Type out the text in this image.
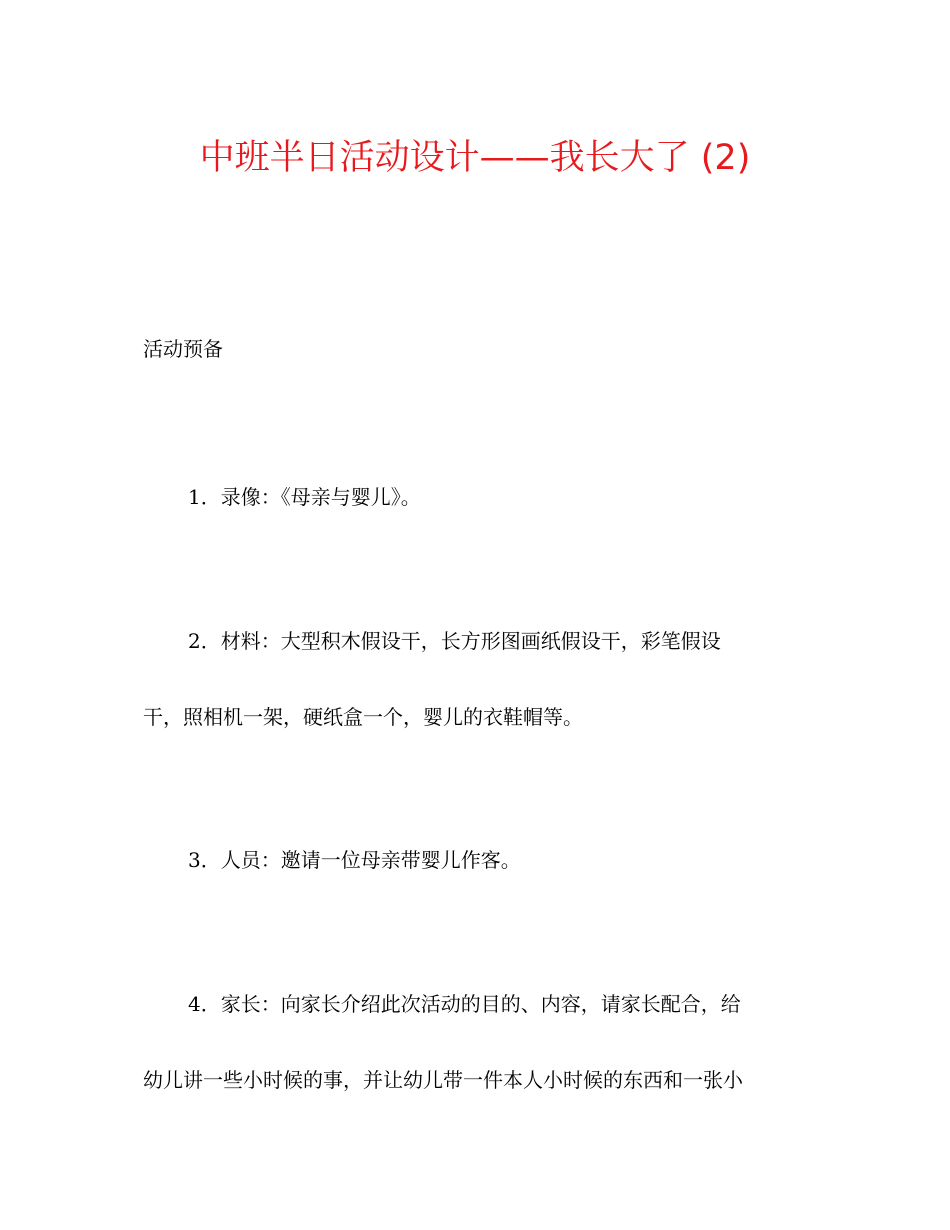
中班半日活动设计——我长大了 (2)
活动预备
1．录像：《母亲与婴儿》。
2．材料：大型积木假设干，长方形图画纸假设干，彩笔假设
干，照相机一架，硬纸盒一个，婴儿的衣鞋帽等。
3．人员：邀请一位母亲带婴儿作客。
4．家长：向家长介绍此次活动的目的、内容，请家长配合，给
幼儿讲一些小时候的事，并让幼儿带一件本人小时候的东西和一张小
